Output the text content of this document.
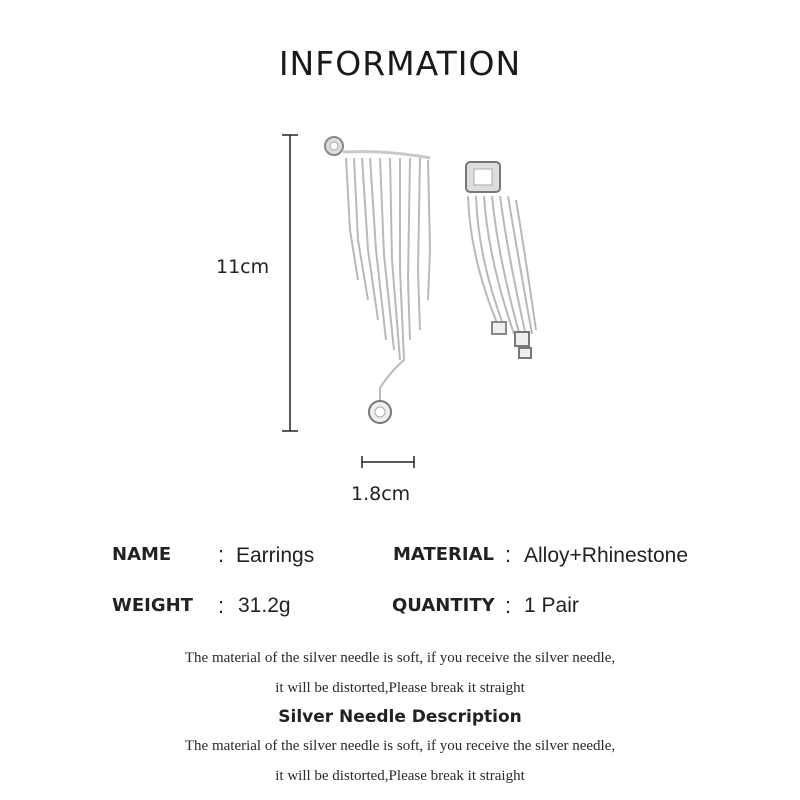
INFORMATION
11cm
1.8cm
NAME : Earrings	MATERIAL : Alloy+Rhinestone
WEIGHT : 31.2g	QUANTITY : 1 Pair
The material of the silver needle is soft, if you receive the silver needle,
it will be distorted,Please break it straight
Silver Needle Description
The material of the silver needle is soft, if you receive the silver needle,
it will be distorted,Please break it straight
